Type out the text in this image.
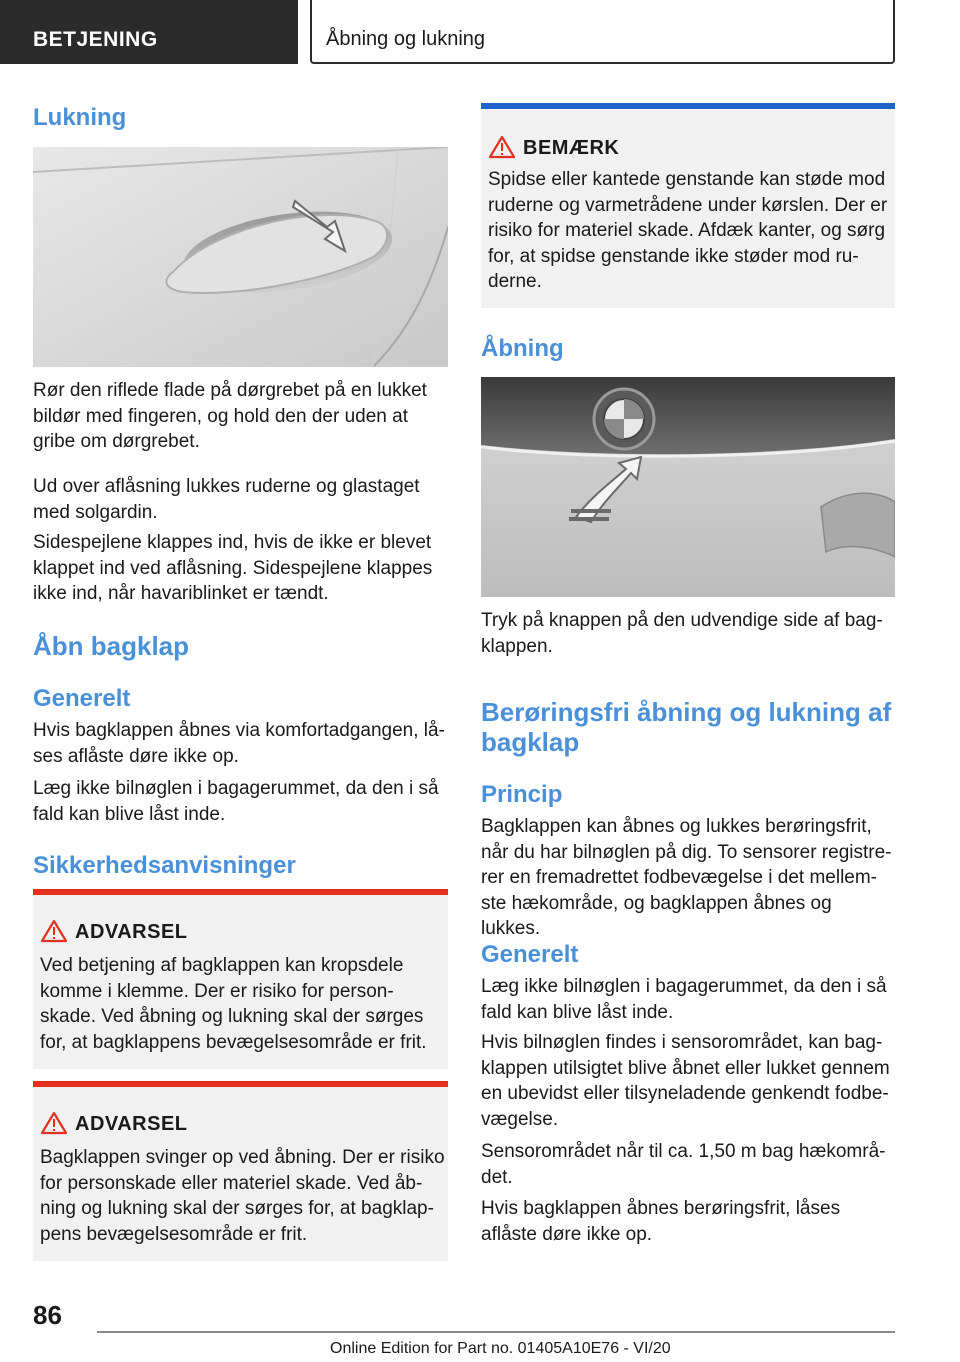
BETJENING	Åbning og lukning
Lukning
Rør den riflede flade på dørgrebet på en lukket bildør med fingeren, og hold den der uden at gribe om dørgrebet.
Ud over aflåsning lukkes ruderne og glastaget med solgardin.
Sidespejlene klappes ind, hvis de ikke er blevet klappet ind ved aflåsning. Sidespejlene klappes ikke ind, når havariblinket er tændt.
Åbn bagklap
Generelt
Hvis bagklappen åbnes via komfortadgangen, lå-ses aflåste døre ikke op.
Læg ikke bilnøglen i bagagerummet, da den i så fald kan blive låst inde.
Sikkerhedsanvisninger
ADVARSEL
Ved betjening af bagklappen kan kropsdele komme i klemme. Der er risiko for person-skade. Ved åbning og lukning skal der sørges for, at bagklappens bevægelsesområde er frit.
ADVARSEL
Bagklappen svinger op ved åbning. Der er risiko for personskade eller materiel skade. Ved åb-ning og lukning skal der sørges for, at bagklap-pens bevægelsesområde er frit.
BEMÆRK
Spidse eller kantede genstande kan støde mod ruderne og varmetrådene under kørslen. Der er risiko for materiel skade. Afdæk kanter, og sørg for, at spidse genstande ikke støder mod ru-derne.
Åbning
Tryk på knappen på den udvendige side af bag-klappen.
Berøringsfri åbning og lukning af bagklap
Princip
Bagklappen kan åbnes og lukkes berøringsfrit, når du har bilnøglen på dig. To sensorer registre-rer en fremadrettet fodbevægelse i det mellem-ste hækområde, og bagklappen åbnes og lukkes.
Generelt
Læg ikke bilnøglen i bagagerummet, da den i så fald kan blive låst inde.
Hvis bilnøglen findes i sensorområdet, kan bag-klappen utilsigtet blive åbnet eller lukket gennem en ubevidst eller tilsyneladende genkendt fodbe-vægelse.
Sensorområdet når til ca. 1,50 m bag hækområ-det.
Hvis bagklappen åbnes berøringsfrit, låses aflåste døre ikke op.
86
Online Edition for Part no. 01405A10E76 - VI/20
